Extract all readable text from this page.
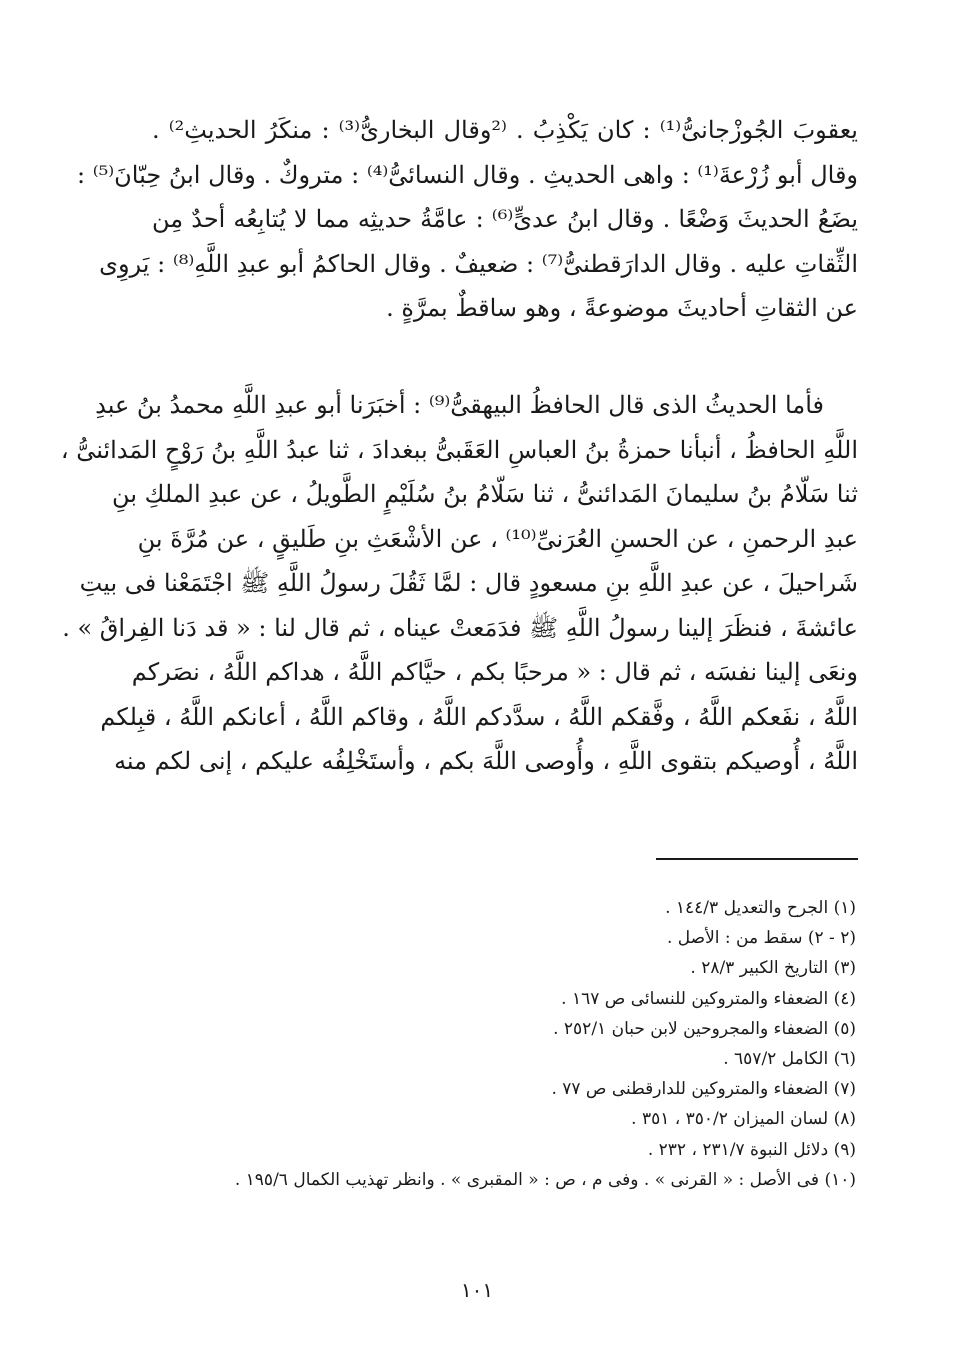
يعقوبَ الجُوزْجانىُّ⁽¹⁾ : كان يَكْذِبُ . ⁽²وقال البخارىُّ⁽³⁾ : منكَرُ الحديثِ²⁾ .
وقال أبو زُرْعةَ⁽¹⁾ : واهى الحديثِ . وقال النسائىُّ⁽⁴⁾ : متروكٌ . وقال ابنُ حِبّانَ⁽⁵⁾ :
يضَعُ الحديثَ وَضْعًا . وقال ابنُ عدىٍّ⁽⁶⁾ : عامَّةُ حديثِه مما لا يُتابِعُه أحدٌ مِن
الثِّقاتِ عليه . وقال الدارَقطنىُّ⁽⁷⁾ : ضعيفٌ . وقال الحاكمُ أبو عبدِ اللَّهِ⁽⁸⁾ : يَروِى
عن الثقاتِ أحاديثَ موضوعةً ، وهو ساقطٌ بمرَّةٍ .
فأما الحديثُ الذى قال الحافظُ البيهقىُّ⁽⁹⁾ : أخبَرَنا أبو عبدِ اللَّهِ محمدُ بنُ عبدِ
اللَّهِ الحافظُ ، أنبأنا حمزةُ بنُ العباسِ العَقَبىُّ ببغدادَ ، ثنا عبدُ اللَّهِ بنُ رَوْحٍ المَدائنىُّ ،
ثنا سَلّامُ بنُ سليمانَ المَدائنىُّ ، ثنا سَلّامُ بنُ سُلَيْمٍ الطَّويلُ ، عن عبدِ الملكِ بنِ
عبدِ الرحمنِ ، عن الحسنِ العُرَنىِّ⁽¹⁰⁾ ، عن الأشْعَثِ بنِ طَليقٍ ، عن مُرَّةَ بنِ
شَراحيلَ ، عن عبدِ اللَّهِ بنِ مسعودٍ قال : لمَّا ثَقُلَ رسولُ اللَّهِ ﷺ اجْتَمَعْنا فى بيتِ
عائشةَ ، فنظَرَ إلينا رسولُ اللَّهِ ﷺ فدَمَعتْ عيناه ، ثم قال لنا : « قد دَنا الفِراقُ » .
ونعَى إلينا نفسَه ، ثم قال : « مرحبًا بكم ، حيَّاكم اللَّهُ ، هداكم اللَّهُ ، نصَركم
اللَّهُ ، نفَعكم اللَّهُ ، وفَّقكم اللَّهُ ، سدَّدكم اللَّهُ ، وقاكم اللَّهُ ، أعانكم اللَّهُ ، قبِلكم
اللَّهُ ، أُوصيكم بتقوى اللَّهِ ، وأُوصى اللَّهَ بكم ، وأستَخْلِفُه عليكم ، إنى لكم منه
(١) الجرح والتعديل ١٤٤/٣ .
(٢ - ٢) سقط من : الأصل .
(٣) التاريخ الكبير ٢٨/٣ .
(٤) الضعفاء والمتروكين للنسائى ص ١٦٧ .
(٥) الضعفاء والمجروحين لابن حبان ٢٥٢/١ .
(٦) الكامل ٦٥٧/٢ .
(٧) الضعفاء والمتروكين للدارقطنى ص ٧٧ .
(٨) لسان الميزان ٣٥٠/٢ ، ٣٥١ .
(٩) دلائل النبوة ٢٣١/٧ ، ٢٣٢ .
(١٠) فى الأصل : « القرنى » . وفى م ، ص : « المقبرى » . وانظر تهذيب الكمال ١٩٥/٦ .
١٠١
